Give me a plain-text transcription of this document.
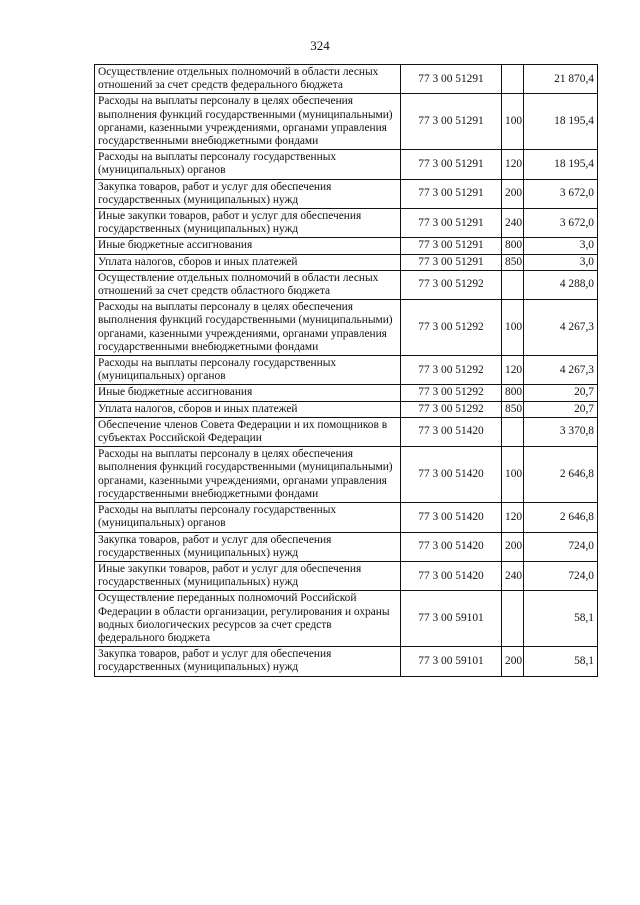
324
Осуществление отдельных полномочий в области лесных отношений за счет средств федерального бюджета	77 3 00 51291		21 870,4
Расходы на выплаты персоналу в целях обеспечения выполнения функций государственными (муниципальными) органами, казенными учреждениями, органами управления государственными внебюджетными фондами	77 3 00 51291	100	18 195,4
Расходы на выплаты персоналу государственных (муниципальных) органов	77 3 00 51291	120	18 195,4
Закупка товаров, работ и услуг для обеспечения государственных (муниципальных) нужд	77 3 00 51291	200	3 672,0
Иные закупки товаров, работ и услуг для обеспечения государственных (муниципальных) нужд	77 3 00 51291	240	3 672,0
Иные бюджетные ассигнования	77 3 00 51291	800	3,0
Уплата налогов, сборов и иных платежей	77 3 00 51291	850	3,0
Осуществление отдельных полномочий в области лесных отношений за счет средств областного бюджета	77 3 00 51292		4 288,0
Расходы на выплаты персоналу в целях обеспечения выполнения функций государственными (муниципальными) органами, казенными учреждениями, органами управления государственными внебюджетными фондами	77 3 00 51292	100	4 267,3
Расходы на выплаты персоналу государственных (муниципальных) органов	77 3 00 51292	120	4 267,3
Иные бюджетные ассигнования	77 3 00 51292	800	20,7
Уплата налогов, сборов и иных платежей	77 3 00 51292	850	20,7
Обеспечение членов Совета Федерации и их помощников в субъектах Российской Федерации	77 3 00 51420		3 370,8
Расходы на выплаты персоналу в целях обеспечения выполнения функций государственными (муниципальными) органами, казенными учреждениями, органами управления государственными внебюджетными фондами	77 3 00 51420	100	2 646,8
Расходы на выплаты персоналу государственных (муниципальных) органов	77 3 00 51420	120	2 646,8
Закупка товаров, работ и услуг для обеспечения государственных (муниципальных) нужд	77 3 00 51420	200	724,0
Иные закупки товаров, работ и услуг для обеспечения государственных (муниципальных) нужд	77 3 00 51420	240	724,0
Осуществление переданных полномочий Российской Федерации в области организации, регулирования и охраны водных биологических ресурсов за счет средств федерального бюджета	77 3 00 59101		58,1
Закупка товаров, работ и услуг для обеспечения государственных (муниципальных) нужд	77 3 00 59101	200	58,1
